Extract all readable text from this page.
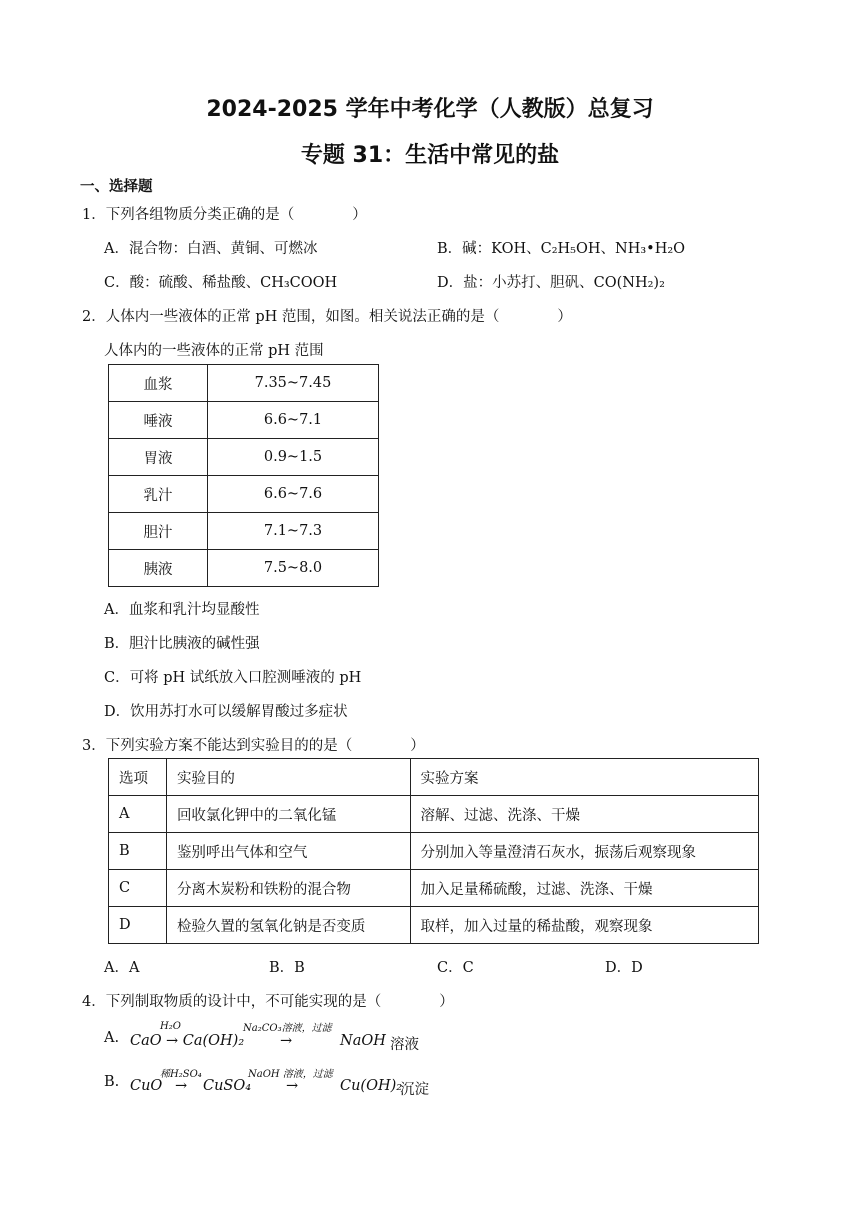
2024-2025 学年中考化学（人教版）总复习
专题 31：生活中常见的盐
一、选择题
1．下列各组物质分类正确的是（　　　　）
A．混合物：白酒、黄铜、可燃冰	B．碱：KOH、C₂H₅OH、NH₃•H₂O
C．酸：硫酸、稀盐酸、CH₃COOH	D．盐：小苏打、胆矾、CO(NH₂)₂
2．人体内一些液体的正常 pH 范围，如图。相关说法正确的是（　　　　）
人体内的一些液体的正常 pH 范围
血浆	7.35~7.45
唾液	6.6~7.1
胃液	0.9~1.5
乳汁	6.6~7.6
胆汁	7.1~7.3
胰液	7.5~8.0
A．血浆和乳汁均显酸性
B．胆汁比胰液的碱性强
C．可将 pH 试纸放入口腔测唾液的 pH
D．饮用苏打水可以缓解胃酸过多症状
3．下列实验方案不能达到实验目的的是（　　　　）
选项	实验目的	实验方案
A	回收氯化钾中的二氧化锰	溶解、过滤、洗涤、干燥
B	鉴别呼出气体和空气	分别加入等量澄清石灰水，振荡后观察现象
C	分离木炭粉和铁粉的混合物	加入足量稀硫酸，过滤、洗涤、干燥
D	检验久置的氢氧化钠是否变质	取样，加入过量的稀盐酸，观察现象
A．A	B．B	C．C	D．D
4．下列制取物质的设计中，不可能实现的是（　　　　）
A. CaO
H₂O
→ Ca(OH)₂
Na₂CO₃溶液，过滤
→	NaOH 溶液
B. CuO
稀H₂SO₄
→ CuSO₄
NaOH 溶液，过滤
→	Cu(OH)₂
沉淀
